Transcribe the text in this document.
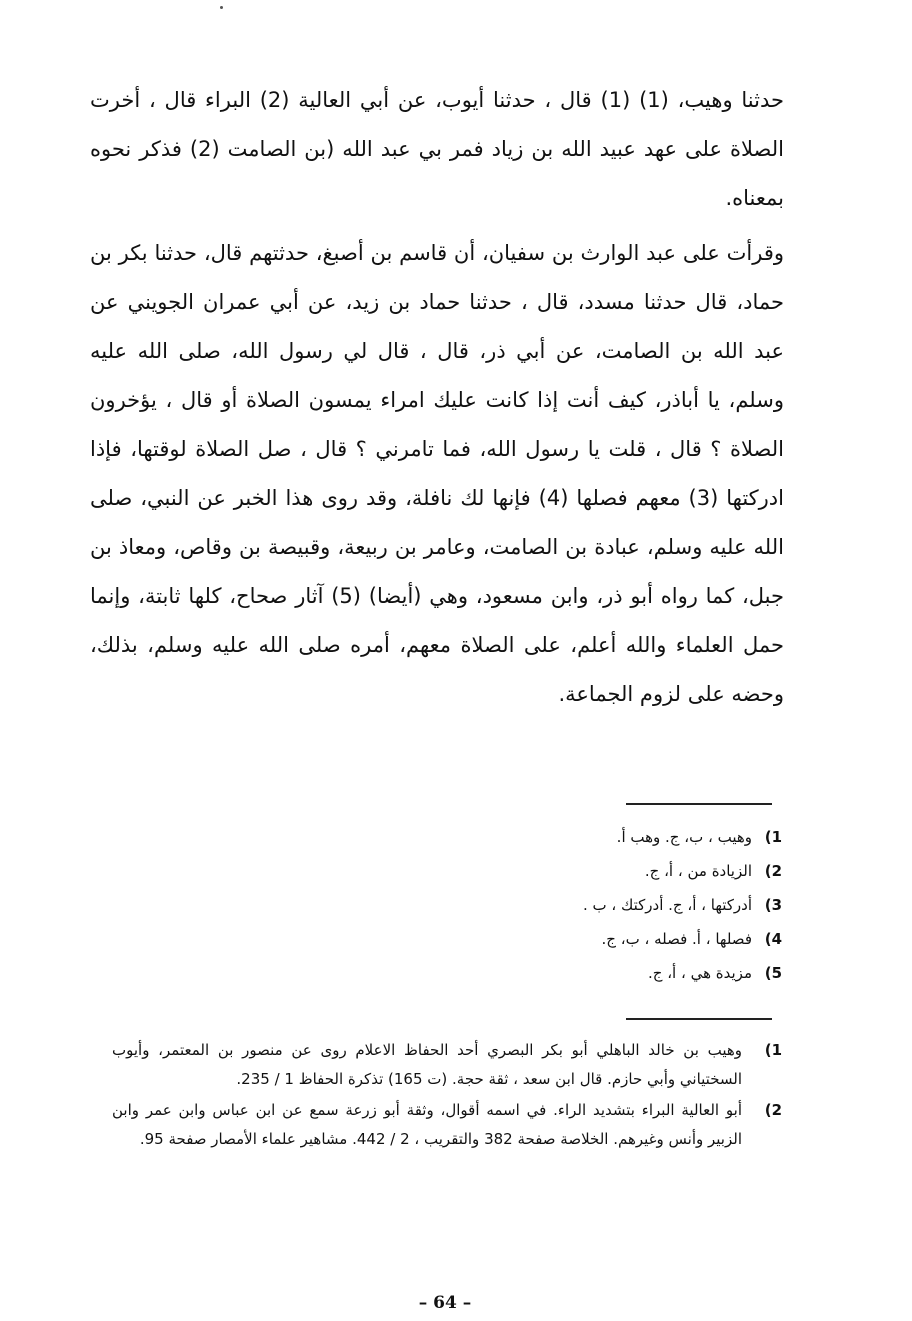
حدثنا وهيب، (1) (1) قال ، حدثنا أيوب، عن أبي العالية (2) البراء قال ، أخرت الصلاة على عهد عبيد الله بن زياد فمر بي عبد الله (بن الصامت (2) فذكر نحوه بمعناه.

وقرأت على عبد الوارث بن سفيان، أن قاسم بن أصبغ، حدثتهم قال، حدثنا بكر بن حماد، قال حدثنا مسدد، قال ، حدثنا حماد بن زيد، عن أبي عمران الجويني عن عبد الله بن الصامت، عن أبي ذر، قال ، قال لي رسول الله، صلى الله عليه وسلم، يا أباذر، كيف أنت إذا كانت عليك امراء يمسون الصلاة أو قال ، يؤخرون الصلاة ؟ قال ، قلت يا رسول الله، فما تامرني ؟ قال ، صل الصلاة لوقتها، فإذا ادركتها (3) معهم فصلها (4) فإنها لك نافلة، وقد روى هذا الخبر عن النبي، صلى الله عليه وسلم، عبادة بن الصامت، وعامر بن ربيعة، وقبيصة بن وقاص، ومعاذ بن جبل، كما رواه أبو ذر، وابن مسعود، وهي (أيضا) (5) آثار صحاح، كلها ثابتة، وإنما حمل العلماء والله أعلم، على الصلاة معهم، أمره صلى الله عليه وسلم، بذلك، وحضه على لزوم الجماعة.

1)
وهيب ، ب، ج. وهب أ.
2)
الزيادة من ، أ، ج.
3)
أدركتها ، أ، ج. أدركتك ، ب .
4)
فصلها ، أ. فصله ، ب، ج.
5)
مزيدة هي ، أ، ج.
1)
وهيب بن خالد الباهلي أبو بكر البصري أحد الحفاظ الاعلام روى عن منصور بن المعتمر، وأيوب السختياني وأبي حازم. قال ابن سعد ، ثقة حجة. (ت 165) تذكرة الحفاظ 1 / 235.
2)
أبو العالية البراء بتشديد الراء. في اسمه أقوال، وثقة أبو زرعة سمع عن ابن عباس وابن عمر وابن الزبير وأنس وغيرهم. الخلاصة صفحة 382 والتقريب ، 2 / 442. مشاهير علماء الأمصار صفحة 95.
– 64 –
